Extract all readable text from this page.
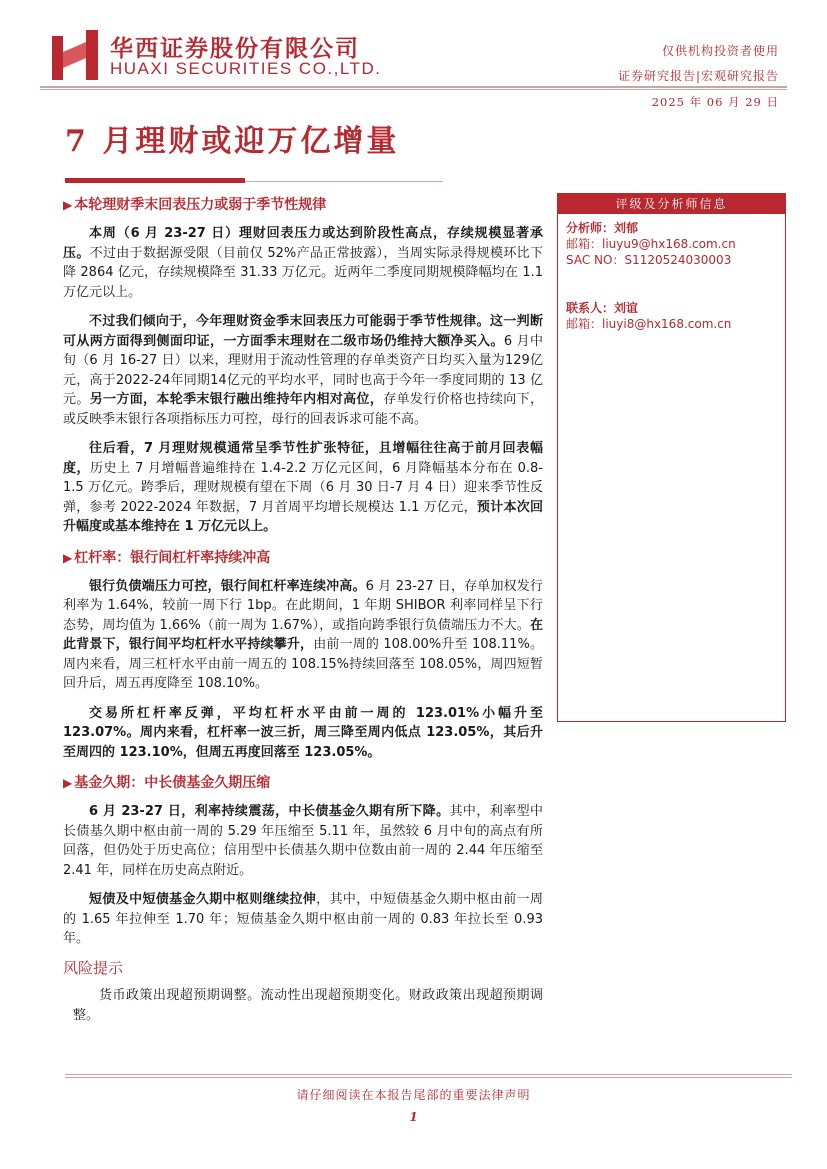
华西证券股份有限公司
HUAXI SECURITIES CO.,LTD.
仅供机构投资者使用
证券研究报告|宏观研究报告
2025 年 06 月 29 日
7 月理财或迎万亿增量
▶ 本轮理财季末回表压力或弱于季节性规律

本周（6 月 23-27 日）理财回表压力或达到阶段性高点，存续规模显著承压。不过由于数据源受限（目前仅 52%产品正常披露），当周实际录得规模环比下降 2864 亿元，存续规模降至 31.33 万亿元。近两年二季度同期规模降幅均在 1.1 万亿元以上。

不过我们倾向于，今年理财资金季末回表压力可能弱于季节性规律。这一判断可从两方面得到侧面印证，一方面季末理财在二级市场仍维持大额净买入。6 月中旬（6 月 16-27 日）以来，理财用于流动性管理的存单类资产日均买入量为129亿元，高于2022-24年同期14亿元的平均水平，同时也高于今年一季度同期的 13 亿元。另一方面，本轮季末银行融出维持年内相对高位，存单发行价格也持续向下，或反映季末银行各项指标压力可控，母行的回表诉求可能不高。

往后看，7 月理财规模通常呈季节性扩张特征，且增幅往往高于前月回表幅度，历史上 7 月增幅普遍维持在 1.4-2.2 万亿元区间，6 月降幅基本分布在 0.8-1.5 万亿元。跨季后，理财规模有望在下周（6 月 30 日-7 月 4 日）迎来季节性反弹，参考 2022-2024 年数据，7 月首周平均增长规模达 1.1 万亿元，预计本次回升幅度或基本维持在 1 万亿元以上。

▶ 杠杆率：银行间杠杆率持续冲高

银行负债端压力可控，银行间杠杆率连续冲高。6 月 23-27 日，存单加权发行利率为 1.64%，较前一周下行 1bp。在此期间，1 年期 SHIBOR 利率同样呈下行态势，周均值为 1.66%（前一周为 1.67%），或指向跨季银行负债端压力不大。在此背景下，银行间平均杠杆水平持续攀升，由前一周的 108.00%升至 108.11%。周内来看，周三杠杆水平由前一周五的 108.15%持续回落至 108.05%，周四短暂回升后，周五再度降至 108.10%。

交易所杠杆率反弹，平均杠杆水平由前一周的 123.01%小幅升至 123.07%。周内来看，杠杆率一波三折，周三降至周内低点 123.05%，其后升至周四的 123.10%，但周五再度回落至 123.05%。

▶ 基金久期：中长债基金久期压缩

6 月 23-27 日，利率持续震荡，中长债基金久期有所下降。其中，利率型中长债基久期中枢由前一周的 5.29 年压缩至 5.11 年，虽然较 6 月中旬的高点有所回落，但仍处于历史高位；信用型中长债基久期中位数由前一周的 2.44 年压缩至 2.41 年，同样在历史高点附近。

短债及中短债基金久期中枢则继续拉伸，其中，中短债基金久期中枢由前一周的 1.65 年拉伸至 1.70 年；短债基金久期中枢由前一周的 0.83 年拉长至 0.93 年。

风险提示

货币政策出现超预期调整。流动性出现超预期变化。财政政策出现超预期调整。

评级及分析师信息
分析师：刘郁
邮箱：liuyu9@hx168.com.cn
SAC NO：S1120524030003
联系人：刘谊
邮箱：liuyi8@hx168.com.cn
请仔细阅读在本报告尾部的重要法律声明
1
